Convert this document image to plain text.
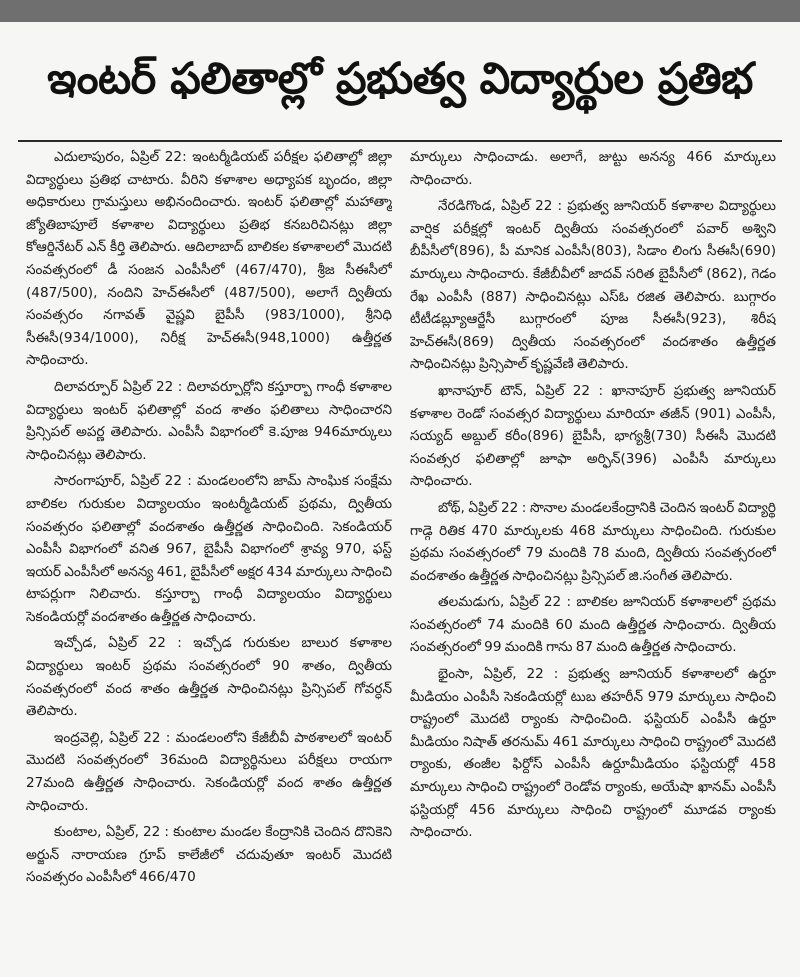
ఇంటర్ ఫలితాల్లో ప్రభుత్వ విద్యార్థుల ప్రతిభ

ఎదులాపురం, ఏప్రిల్ 22: ఇంటర్మీడియట్ పరీక్షల ఫలితాల్లో జిల్లా విద్యార్థులు ప్రతిభ చాటారు. వీరిని కళాశాల అధ్యాపక బృందం, జిల్లా అధికారులు గ్రామస్తులు అభినందించారు. ఇంటర్ ఫలితాల్లో మహాత్మా జ్యోతిబాపూలే కళాశాల విద్యార్థులు ప్రతిభ కనబరిచినట్లు జిల్లా కోఆర్డినేటర్ ఎన్ కీర్తి తెలిపారు. ఆదిలాబాద్ బాలికల కళాశాలలో మొదటి సంవత్సరంలో డీ సంజన ఎంపీసీలో (467/470), శ్రీజ సీఈసీలో (487/500), నందిని హెచ్ఈసీలో (487/500), అలాగే ద్వితీయ సంవత్సరం నగావత్ వైష్ణవి బైపీసీ (983/1000), శ్రీనిధి సీఈసీ(934/1000), నిరీక్ష హెచ్ఈసీ(948,1000) ఉత్తీర్ణత సాధించారు.

దిలావర్పూర్ ఏప్రిల్ 22 : దిలావర్పూర్లోని కస్తూర్బా గాంధీ కళాశాల విద్యార్థులు ఇంటర్ ఫలితాల్లో వంద శాతం ఫలితాలు సాధించారని ప్రిన్సిపల్ అపర్ణ తెలిపారు. ఎంపీసీ విభాగంలో కె.పూజ 946మార్కులు సాధించినట్లు తెలిపారు.

సారంగాపూర్, ఏప్రిల్ 22 : మండలంలోని జామ్ సాంఘిక సంక్షేమ బాలికల గురుకుల విద్యాలయం ఇంటర్మీడియట్ ప్రథమ, ద్వితీయ సంవత్సరం ఫలితాల్లో వందశాతం ఉత్తీర్ణత సాధించింది. సెకండియర్ ఎంపీసీ విభాగంలో వనిత 967, బైపీసీ విభాగంలో శ్రావ్య 970, ఫస్ట్ ఇయర్ ఎంపీసీలో అనన్య 461, బైపీసీలో అక్షర 434 మార్కులు సాధించి టాపర్లుగా నిలిచారు. కస్తూర్బా గాంధీ విద్యాలయం విద్యార్థులు సెకండియర్లో వందశాతం ఉత్తీర్ణత సాధించారు.

ఇచ్చోడ, ఏప్రిల్ 22 : ఇచ్చోడ గురుకుల బాలుర కళాశాల విద్యార్థులు ఇంటర్ ప్రథమ సంవత్సరంలో 90 శాతం, ద్వితీయ సంవత్సరంలో వంద శాతం ఉత్తీర్ణత సాధించినట్లు ప్రిన్సిపల్ గోవర్ధన్ తెలిపారు.

ఇంద్రవెల్లి, ఏప్రిల్ 22 : మండలంలోని కేజీబీవీ పాఠశాలలో ఇంటర్ మొదటి సంవత్సరంలో 36మంది విద్యార్థినులు పరీక్షలు రాయగా 27మంది ఉత్తీర్ణత సాధించారు. సెకండియర్లో వంద శాతం ఉత్తీర్ణత సాధించారు.

కుంటాల, ఏప్రిల్, 22 : కుంటాల మండల కేంద్రానికి చెందిన దొనికెని అర్జున్ నారాయణ గ్రూప్ కాలేజీలో చదువుతూ ఇంటర్ మొదటి సంవత్సరం ఎంపీసీలో 466/470

మార్కులు సాధించాడు. అలాగే, జుట్టు అనన్య 466 మార్కులు సాధించారు.

నేరడిగొండ, ఏప్రిల్ 22 : ప్రభుత్వ జూనియర్ కళాశాల విద్యార్థులు వార్షిక పరీక్షల్లో ఇంటర్ ద్వితీయ సంవత్సరంలో పవార్ అశ్విని బీపీసీలో(896), పీ మానిక ఎంపీసీ(803), సిడాం లింగు సీఈసీ(690) మార్కులు సాధించారు. కేజీబీవీలో జాదవ్ సరిత బైపీసీలో (862), గెడం రేఖ ఎంపీసీ (887) సాధించినట్లు ఎస్ఓ రజిత తెలిపారు. బుగ్గారం టీటీడబ్ల్యూఆర్జేసీ బుగ్గారంలో పూజ సీఈసీ(923), శిరీష హెచ్ఈసీ(869) ద్వితీయ సంవత్సరంలో వందశాతం ఉత్తీర్ణత సాధించినట్లు ప్రిన్సిపాల్ కృష్ణవేణి తెలిపారు.

ఖానాపూర్ టౌన్, ఏప్రిల్ 22 : ఖానాపూర్ ప్రభుత్వ జూనియర్ కళాశాల రెండో సంవత్సర విద్యార్థులు మారియా తజీన్ (901) ఎంపీసీ, సయ్యద్ అబ్దుల్ కరీం(896) బైపీసీ, భాగ్యశ్రీ(730) సీఈసీ మొదటి సంవత్సర ఫలితాల్లో జూఫా అర్ఫిన్(396) ఎంపీసీ మార్కులు సాధించారు.

బోథ్, ఏప్రిల్ 22 : సొనాల మండలకేంద్రానికి చెందిన ఇంటర్ విద్యార్థి గాడ్గె రితిక 470 మార్కులకు 468 మార్కులు సాధించింది. గురుకుల ప్రథమ సంవత్సరంలో 79 మందికి 78 మంది, ద్వితీయ సంవత్సరంలో వందశాతం ఉత్తీర్ణత సాధించినట్లు ప్రిన్సిపల్ జి.సంగీత తెలిపారు.

తలమడుగు, ఏప్రిల్ 22 : బాలికల జూనియర్ కళాశాలలో ప్రథమ సంవత్సరంలో 74 మందికి 60 మంది ఉత్తీర్ణత సాధించారు. ద్వితీయ సంవత్సరంలో 99 మందికి గాను 87 మంది ఉత్తీర్ణత సాధించారు.

భైంసా, ఏప్రిల్, 22 : ప్రభుత్వ జూనియర్ కళాశాలలో ఉర్దూ మీడియం ఎంపీసీ సెకండియర్లో టుబ తహరీన్ 979 మార్కులు సాధించి రాష్ట్రంలో మొదటి ర్యాంకు సాధించింది. ఫస్టియర్ ఎంపీసీ ఉర్దూ మీడియం నిషాత్ తరనుమ్ 461 మార్కులు సాధించి రాష్ట్రంలో మొదటి ర్యాంకు, తంజీల ఫిర్దోస్ ఎంపీసీ ఉర్దూమీడియం ఫస్టియర్లో 458 మార్కులు సాధించి రాష్ట్రంలో రెండోవ ర్యాంకు, అయేషా ఖానమ్ ఎంపీసీ ఫస్టియర్లో 456 మార్కులు సాధించి రాష్ట్రంలో మూడవ ర్యాంకు సాధించారు.
